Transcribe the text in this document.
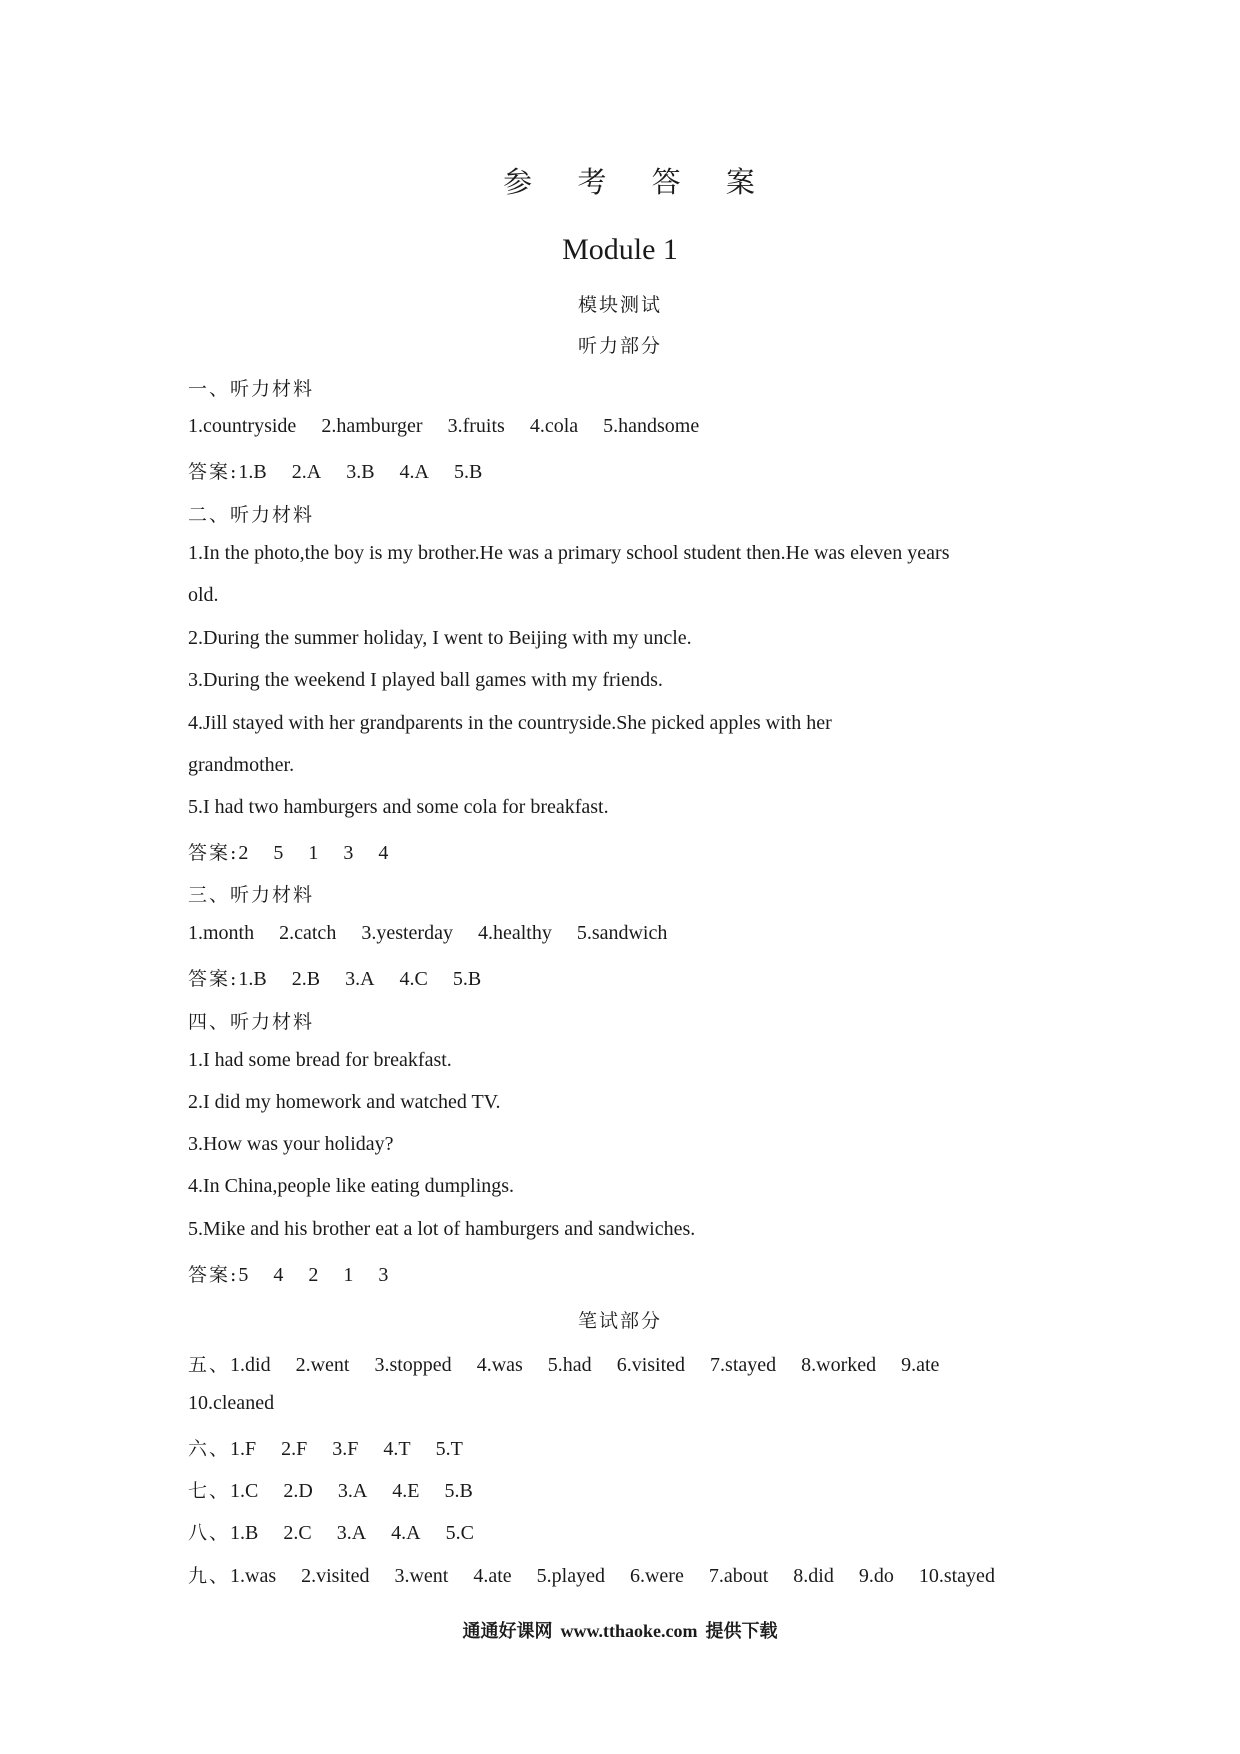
参 考 答 案
Module 1
模块测试
听力部分
一、听力材料
1.countryside 2.hamburger 3.fruits 4.cola 5.handsome
答案:1.B 2.A 3.B 4.A 5.B
二、听力材料
1.In the photo,the boy is my brother.He was a primary school student then.He was eleven years
old.
2.During the summer holiday, I went to Beijing with my uncle.
3.During the weekend I played ball games with my friends.
4.Jill stayed with her grandparents in the countryside.She picked apples with her
grandmother.
5.I had two hamburgers and some cola for breakfast.
答案:2 5 1 3 4
三、听力材料
1.month 2.catch 3.yesterday 4.healthy 5.sandwich
答案:1.B 2.B 3.A 4.C 5.B
四、听力材料
1.I had some bread for breakfast.
2.I did my homework and watched TV.
3.How was your holiday?
4.In China,people like eating dumplings.
5.Mike and his brother eat a lot of hamburgers and sandwiches.
答案:5 4 2 1 3
笔试部分
五、1.did 2.went 3.stopped 4.was 5.had 6.visited 7.stayed 8.worked 9.ate
10.cleaned
六、1.F 2.F 3.F 4.T 5.T
七、1.C 2.D 3.A 4.E 5.B
八、1.B 2.C 3.A 4.A 5.C
九、1.was 2.visited 3.went 4.ate 5.played 6.were 7.about 8.did 9.do 10.stayed
通通好课网 www.tthaoke.com 提供下载
